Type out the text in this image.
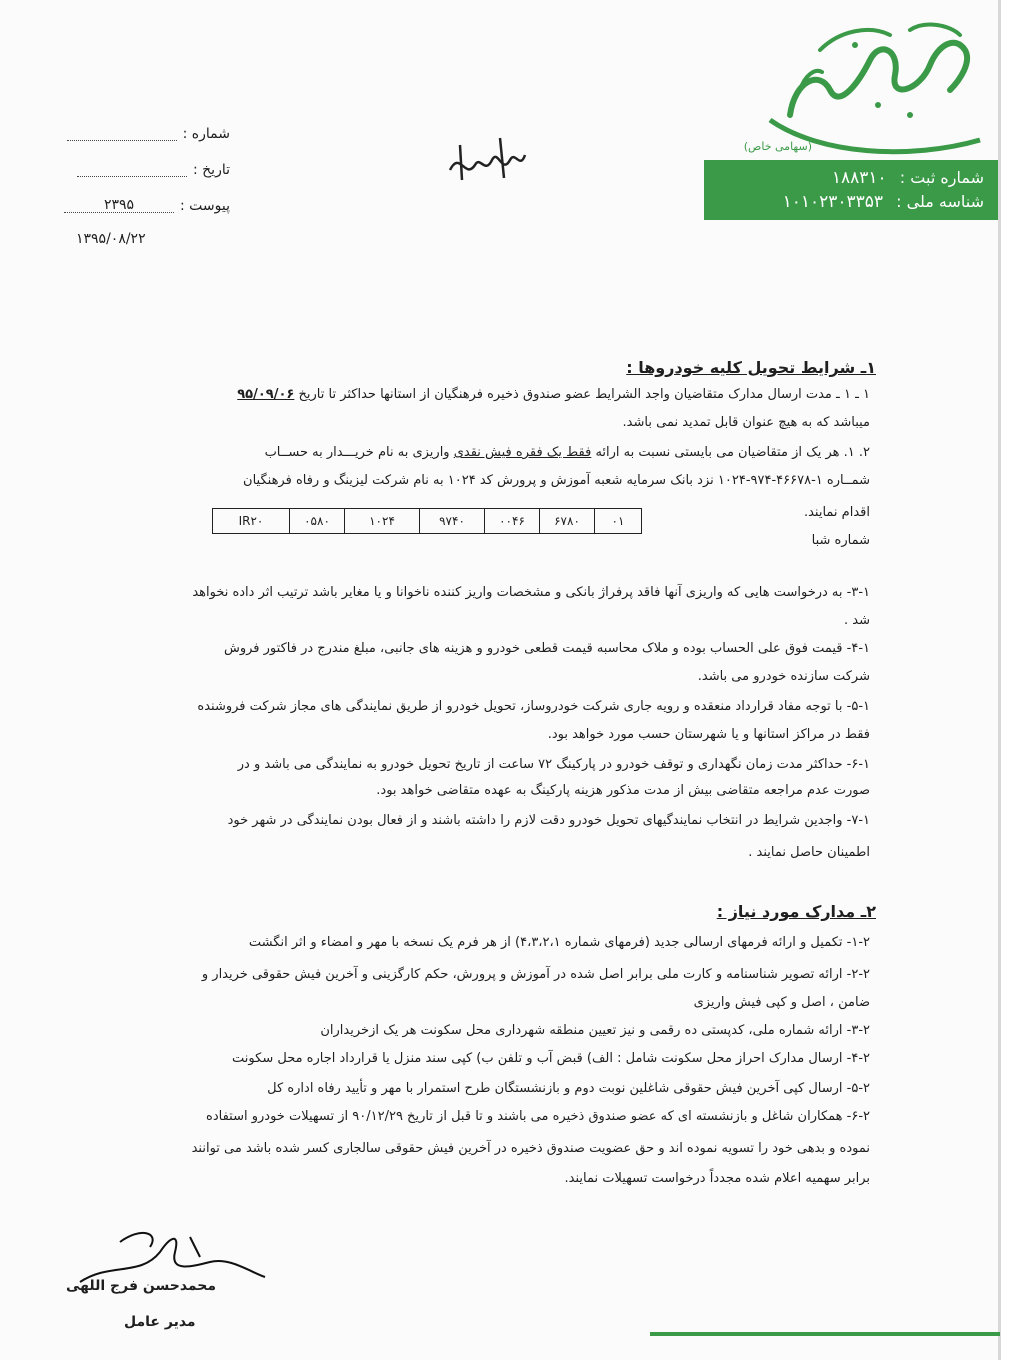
(سهامی خاص)
شماره ثبت : ۱۸۸۳۱۰
شناسه ملی : ۱۰۱۰۲۳۰۳۳۵۳
شماره :
تاریخ :
پیوست :
۲۳۹۵
۱۳۹۵/۰۸/۲۲
۱ـ شرایط تحویل کلیه خودروها :
۱ ـ ۱ ـ مدت ارسال مدارک متقاضیان واجد الشرایط عضو صندوق ذخیره فرهنگیان از استانها حداکثر تا تاریخ ۹۵/۰۹/۰۶
میباشد که به هیچ عنوان قابل تمدید نمی باشد.
۲. ۱. هر یک از متقاضیان می بایستی نسبت به ارائه فقط یک فقره فیش نقدی واریزی به نام خریـــدار به حســاب
شمــاره ۱-۴۶۶۷۸-۹۷۴-۱۰۲۴ نزد بانک سرمایه شعبه آموزش و پرورش کد ۱۰۲۴ به نام شرکت لیزینگ و رفاه فرهنگیان
اقدام نمایند.
شماره شبا
۰۱	۶۷۸۰	۰۰۴۶	۹۷۴۰	۱۰۲۴	۰۵۸۰	IR۲۰
۳-۱- به درخواست هایی که واریزی آنها فاقد پرفراژ بانکی و مشخصات واریز کننده ناخوانا و یا مغایر باشد ترتیب اثر داده نخواهد
شد .
۴-۱- قیمت فوق علی الحساب بوده و ملاک محاسبه قیمت قطعی خودرو و هزینه های جانبی، مبلغ مندرج در فاکتور فروش
شرکت سازنده خودرو می باشد.
۵-۱- با توجه مفاد قرارداد منعقده و رویه جاری شرکت خودروساز، تحویل خودرو از طریق نمایندگی های مجاز شرکت فروشنده
فقط در مراکز استانها و یا شهرستان حسب مورد خواهد بود.
۶-۱- حداکثر مدت زمان نگهداری و توقف خودرو در پارکینگ ۷۲ ساعت از تاریخ تحویل خودرو به نمایندگی می باشد و در
صورت عدم مراجعه متقاضی بیش از مدت مذکور هزینه پارکینگ به عهده متقاضی خواهد بود.
۷-۱- واجدین شرایط در انتخاب نمایندگیهای تحویل خودرو دقت لازم را داشته باشند و از فعال بودن نمایندگی در شهر خود
اطمینان حاصل نمایند .
۲ـ مدارک مورد نیاز :
۱-۲- تکمیل و ارائه فرمهای ارسالی جدید (فرمهای شماره ۴،۳،۲،۱) از هر فرم یک نسخه با مهر و امضاء و اثر انگشت
۲-۲- ارائه تصویر شناسنامه و کارت ملی برابر اصل شده در آموزش و پرورش، حکم کارگزینی و آخرین فیش حقوقی خریدار و
ضامن ، اصل و کپی فیش واریزی
۳-۲- ارائه شماره ملی، کدپستی ده رقمی و نیز تعیین منطقه شهرداری محل سکونت هر یک ازخریداران
۴-۲- ارسال مدارک احراز محل سکونت شامل : الف) قبض آب و تلفن ب) کپی سند منزل یا قرارداد اجاره محل سکونت
۵-۲- ارسال کپی آخرین فیش حقوقی شاغلین نوبت دوم و بازنشستگان طرح استمرار با مهر و تأیید رفاه اداره کل
۶-۲- همکاران شاغل و بازنشسته ای که عضو صندوق ذخیره می باشند و تا قبل از تاریخ ۹۰/۱۲/۲۹ از تسهیلات خودرو استفاده
نموده و بدهی خود را تسویه نموده اند و حق عضویت صندوق ذخیره در آخرین فیش حقوقی سالجاری کسر شده باشد می توانند
برابر سهمیه اعلام شده مجدداً درخواست تسهیلات نمایند.
محمدحسن فرج اللهی
مدیر عامل
